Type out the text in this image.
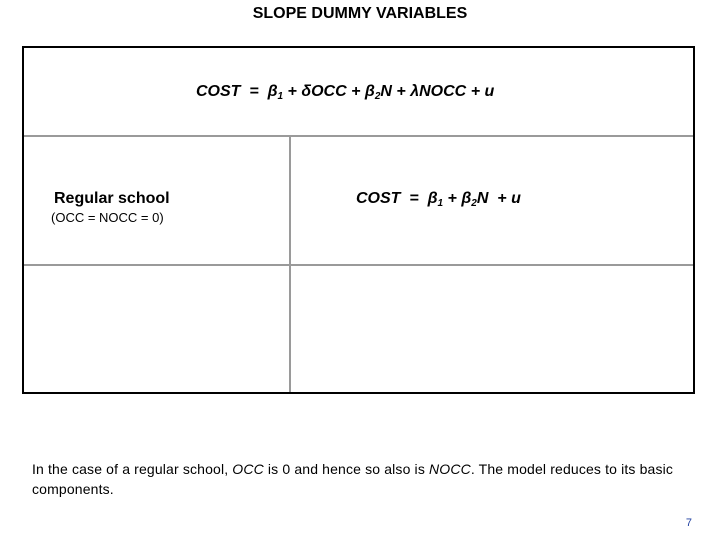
SLOPE DUMMY VARIABLES
COST = $\beta_1 + \delta OCC + \beta_2N$ + λNOCC + u
Regular school
(OCC = NOCC = 0)
COST = $\beta_1 + \beta_2N + u$
In the case of a regular school, OCC is 0 and hence so also is NOCC. The model reduces to its basic components.
7
